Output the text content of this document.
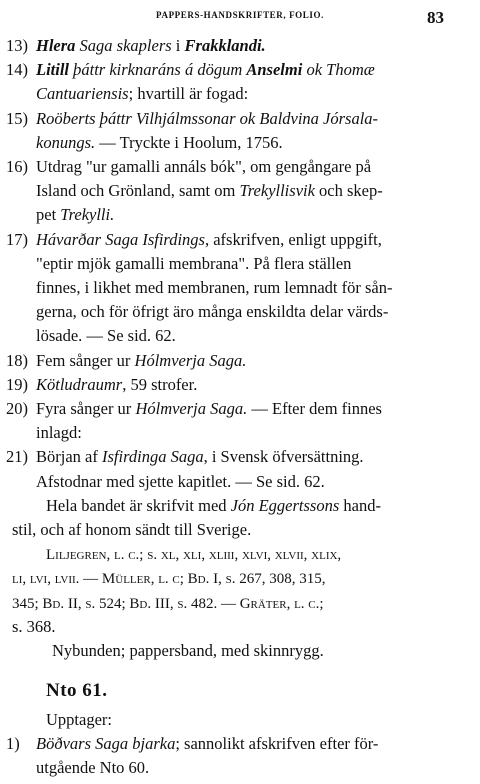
PAPPERS-HANDSKRIFTER, FOLIO.	83
13) Hlera Saga skaplers i Frakklandi.
14) Litill þáttr kirknaráns á dögum Anselmi ok Thomæ
Cantuariensis; hvartill är fogad:
15) Roöberts þáttr Vilhjálmssonar ok Baldvina Jórsala-
konungs. — Tryckte i Hoolum, 1756.
16) Utdrag "ur gamalli annáls bók", om gengångare på
Island och Grönland, samt om Trekyllisvik och skep-
pet Trekylli.
17) Hávarðar Saga Isfirdings, afskrifven, enligt uppgift,
"eptir mjök gamalli membrana". På flera ställen
finnes, i likhet med membranen, rum lemnadt för sån-
gerna, och för öfrigt äro många enskildta delar värds-
lösade. — Se sid. 62.
18) Fem sånger ur Hólmverja Saga.
19) Kötludraumr, 59 strofer.
20) Fyra sånger ur Hólmverja Saga. — Efter dem finnes
inlagd:
21) Början af Isfirdinga Saga, i Svensk öfversättning.
Afstodnar med sjette kapitlet. — Se sid. 62.
Hela bandet är skrifvit med Jón Eggertssons hand-
stil, och af honom sändt till Sverige.
Liljegren, l. c.; s. xl, xli, xliii, xlvi, xlvii, xlix,
li, lvi, lvii. — Müller, l. c; Bd. I, s. 267, 308, 315,
345; Bd. II, s. 524; Bd. III, s. 482. — Gräter, l. c.;
s. 368.
Nybunden; pappersband, med skinnrygg.
Nto 61.
Upptager:
1) Böðvars Saga bjarka; sannolikt afskrifven efter för-
utgående Nto 60.
